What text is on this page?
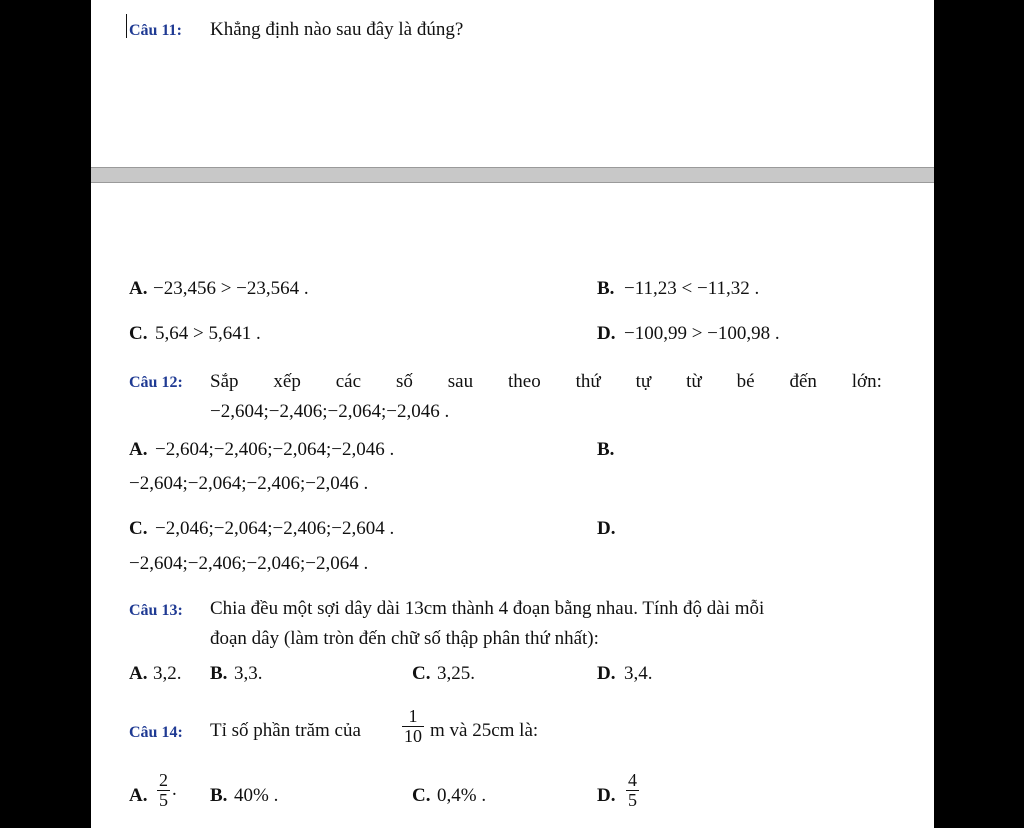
Câu 11: Khẳng định nào sau đây là đúng?
A. −23,456 > −23,564 .	B. −11,23 < −11,32 .
C. 5,64 > 5,641 .	D. −100,99 > −100,98 .
Câu 12: Sắp xếp các số sau theo thứ tự từ bé đến lớn:
−2,604;−2,406;−2,064;−2,046 .
A. −2,604;−2,406;−2,064;−2,046 .	B.
−2,604;−2,064;−2,406;−2,046 .
C. −2,046;−2,064;−2,406;−2,604 .	D.
−2,604;−2,406;−2,046;−2,064 .
Câu 13: Chia đều một sợi dây dài 13cm thành 4 đoạn bằng nhau. Tính độ dài mỗi
đoạn dây (làm tròn đến chữ số thập phân thứ nhất):
A. 3,2. B. 3,3.	C. 3,25.	D. 3,4.
Câu 14: Tỉ số phần trăm của $\frac{1}{10}$ m và 25cm là:
A. $\frac{2}{5}$ . B. 40% .	C. 0,4% .	D. $\frac{4}{5}$
